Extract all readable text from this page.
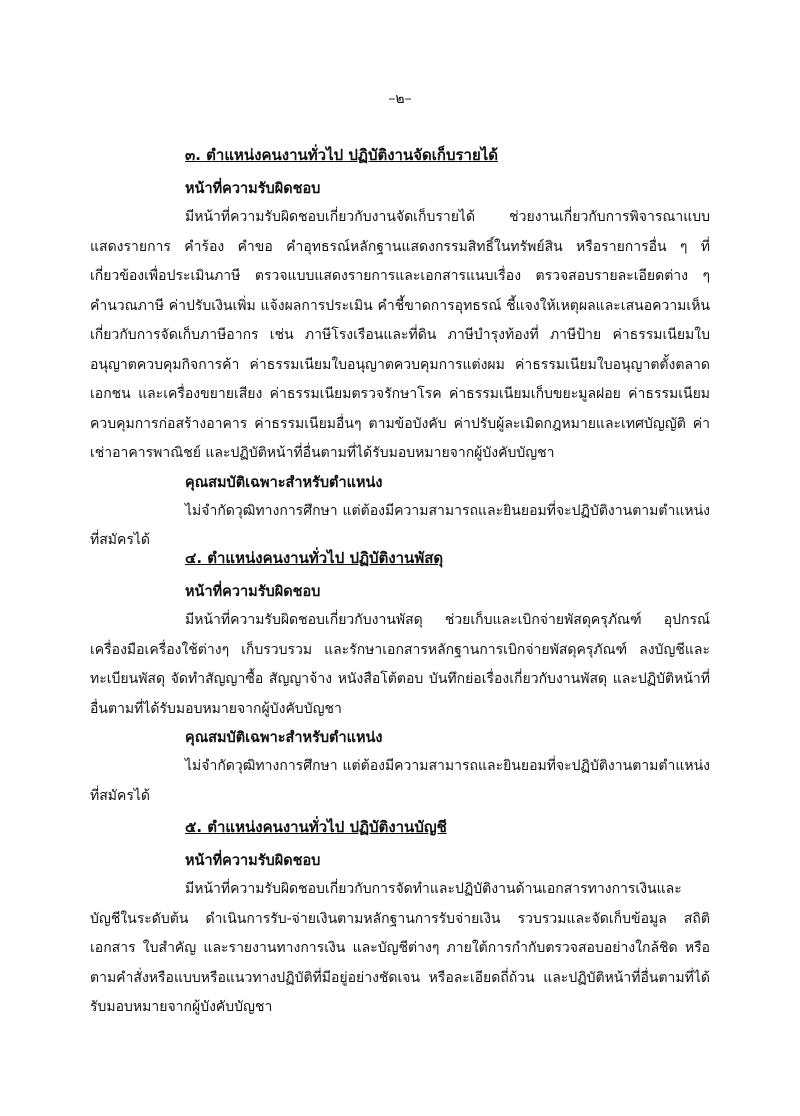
–๒–
๓. ตำแหน่งคนงานทั่วไป ปฏิบัติงานจัดเก็บรายได้
หน้าที่ความรับผิดชอบ

มีหน้าที่ความรับผิดชอบเกี่ยวกับงานจัดเก็บรายได้ ช่วยงานเกี่ยวกับการพิจารณาแบบแสดงรายการ คำร้อง คำขอ คำอุทธรณ์หลักฐานแสดงกรรมสิทธิ์ในทรัพย์สิน หรือรายการอื่น ๆ ที่เกี่ยวข้องเพื่อประเมินภาษี ตรวจแบบแสดงรายการและเอกสารแนบเรื่อง ตรวจสอบรายละเอียดต่าง ๆ คำนวณภาษี ค่าปรับเงินเพิ่ม แจ้งผลการประเมิน คำชี้ขาดการอุทธรณ์ ชี้แจงให้เหตุผลและเสนอความเห็นเกี่ยวกับการจัดเก็บภาษีอากร เช่น ภาษีโรงเรือนและที่ดิน ภาษีบำรุงท้องที่ ภาษีป้าย ค่าธรรมเนียมใบอนุญาตควบคุมกิจการค้า ค่าธรรมเนียมใบอนุญาตควบคุมการแต่งผม ค่าธรรมเนียมใบอนุญาตตั้งตลาดเอกชน และเครื่องขยายเสียง ค่าธรรมเนียมตรวจรักษาโรค ค่าธรรมเนียมเก็บขยะมูลฝอย ค่าธรรมเนียมควบคุมการก่อสร้างอาคาร ค่าธรรมเนียมอื่นๆ ตามข้อบังคับ ค่าปรับผู้ละเมิดกฎหมายและเทศบัญญัติ ค่าเช่าอาคารพาณิชย์ และปฏิบัติหน้าที่อื่นตามที่ได้รับมอบหมายจากผู้บังคับบัญชา

คุณสมบัติเฉพาะสำหรับตำแหน่ง

ไม่จำกัดวุฒิทางการศึกษา แต่ต้องมีความสามารถและยินยอมที่จะปฏิบัติงานตามตำแหน่งที่สมัครได้

๔. ตำแหน่งคนงานทั่วไป ปฏิบัติงานพัสดุ
หน้าที่ความรับผิดชอบ

มีหน้าที่ความรับผิดชอบเกี่ยวกับงานพัสดุ ช่วยเก็บและเบิกจ่ายพัสดุครุภัณฑ์ อุปกรณ์ เครื่องมือเครื่องใช้ต่างๆ เก็บรวบรวม และรักษาเอกสารหลักฐานการเบิกจ่ายพัสดุครุภัณฑ์ ลงบัญชีและทะเบียนพัสดุ จัดทำสัญญาซื้อ สัญญาจ้าง หนังสือโต้ตอบ บันทึกย่อเรื่องเกี่ยวกับงานพัสดุ และปฏิบัติหน้าที่อื่นตามที่ได้รับมอบหมายจากผู้บังคับบัญชา

คุณสมบัติเฉพาะสำหรับตำแหน่ง

ไม่จำกัดวุฒิทางการศึกษา แต่ต้องมีความสามารถและยินยอมที่จะปฏิบัติงานตามตำแหน่งที่สมัครได้

๕. ตำแหน่งคนงานทั่วไป ปฏิบัติงานบัญชี
หน้าที่ความรับผิดชอบ

มีหน้าที่ความรับผิดชอบเกี่ยวกับการจัดทำและปฏิบัติงานด้านเอกสารทางการเงินและบัญชีในระดับต้น ดำเนินการรับ-จ่ายเงินตามหลักฐานการรับจ่ายเงิน รวบรวมและจัดเก็บข้อมูล สถิติ เอกสาร ใบสำคัญ และรายงานทางการเงิน และบัญชีต่างๆ ภายใต้การกำกับตรวจสอบอย่างใกล้ชิด หรือตามคำสั่งหรือแบบหรือแนวทางปฏิบัติที่มีอยู่อย่างชัดเจน หรือละเอียดถี่ถ้วน และปฏิบัติหน้าที่อื่นตามที่ได้รับมอบหมายจากผู้บังคับบัญชา
